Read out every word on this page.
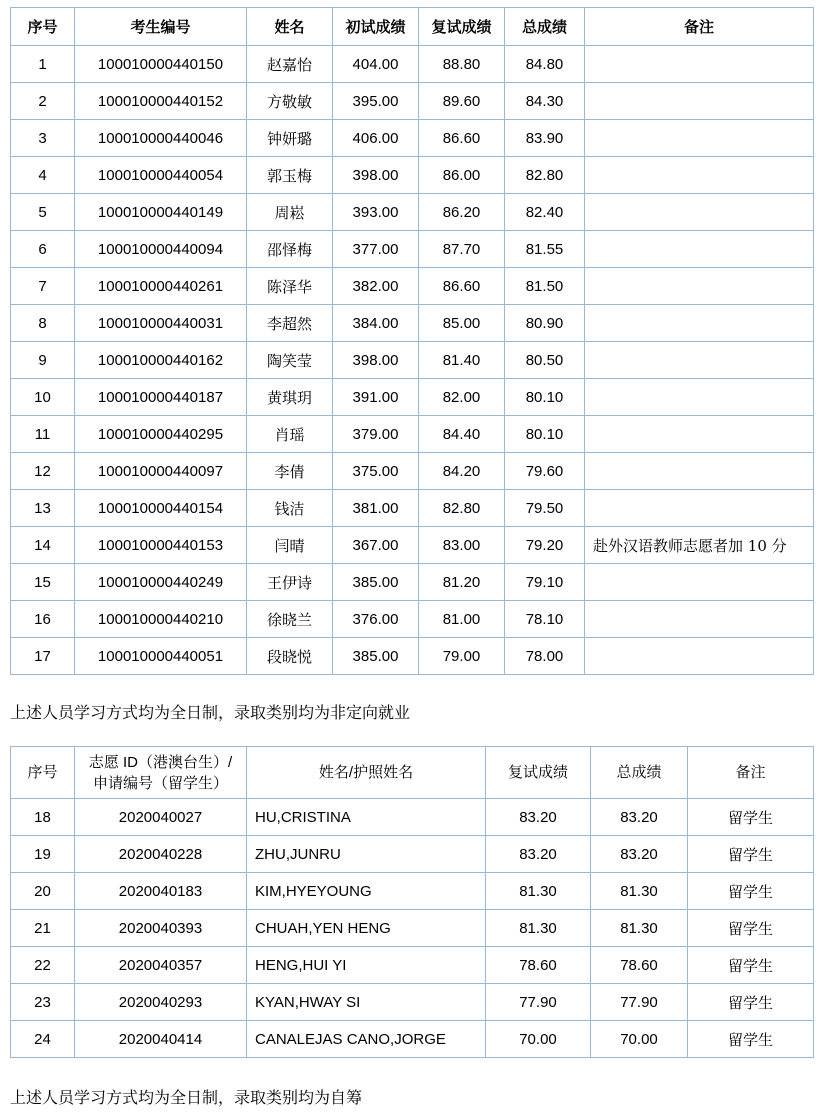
序号	考生编号	姓名	初试成绩	复试成绩	总成绩	备注
1	100010000440150	赵嘉怡	404.00	88.80	84.80	
2	100010000440152	方敬敏	395.00	89.60	84.30	
3	100010000440046	钟妍璐	406.00	86.60	83.90	
4	100010000440054	郭玉梅	398.00	86.00	82.80	
5	100010000440149	周崧	393.00	86.20	82.40	
6	100010000440094	邵怿梅	377.00	87.70	81.55	
7	100010000440261	陈泽华	382.00	86.60	81.50	
8	100010000440031	李超然	384.00	85.00	80.90	
9	100010000440162	陶笑莹	398.00	81.40	80.50	
10	100010000440187	黄琪玥	391.00	82.00	80.10	
11	100010000440295	肖瑶	379.00	84.40	80.10	
12	100010000440097	李倩	375.00	84.20	79.60	
13	100010000440154	钱洁	381.00	82.80	79.50	
14	100010000440153	闫晴	367.00	83.00	79.20	赴外汉语教师志愿者加 10 分
15	100010000440249	王伊诗	385.00	81.20	79.10	
16	100010000440210	徐晓兰	376.00	81.00	78.10	
17	100010000440051	段晓悦	385.00	79.00	78.00	
上述人员学习方式均为全日制，录取类别均为非定向就业
序号	志愿 ID（港澳台生）/
申请编号（留学生）	姓名/护照姓名	复试成绩	总成绩	备注
18	2020040027	HU,CRISTINA	83.20	83.20	留学生
19	2020040228	ZHU,JUNRU	83.20	83.20	留学生
20	2020040183	KIM,HYEYOUNG	81.30	81.30	留学生
21	2020040393	CHUAH,YEN HENG	81.30	81.30	留学生
22	2020040357	HENG,HUI YI	78.60	78.60	留学生
23	2020040293	KYAN,HWAY SI	77.90	77.90	留学生
24	2020040414	CANALEJAS CANO,JORGE	70.00	70.00	留学生
上述人员学习方式均为全日制，录取类别均为自筹
